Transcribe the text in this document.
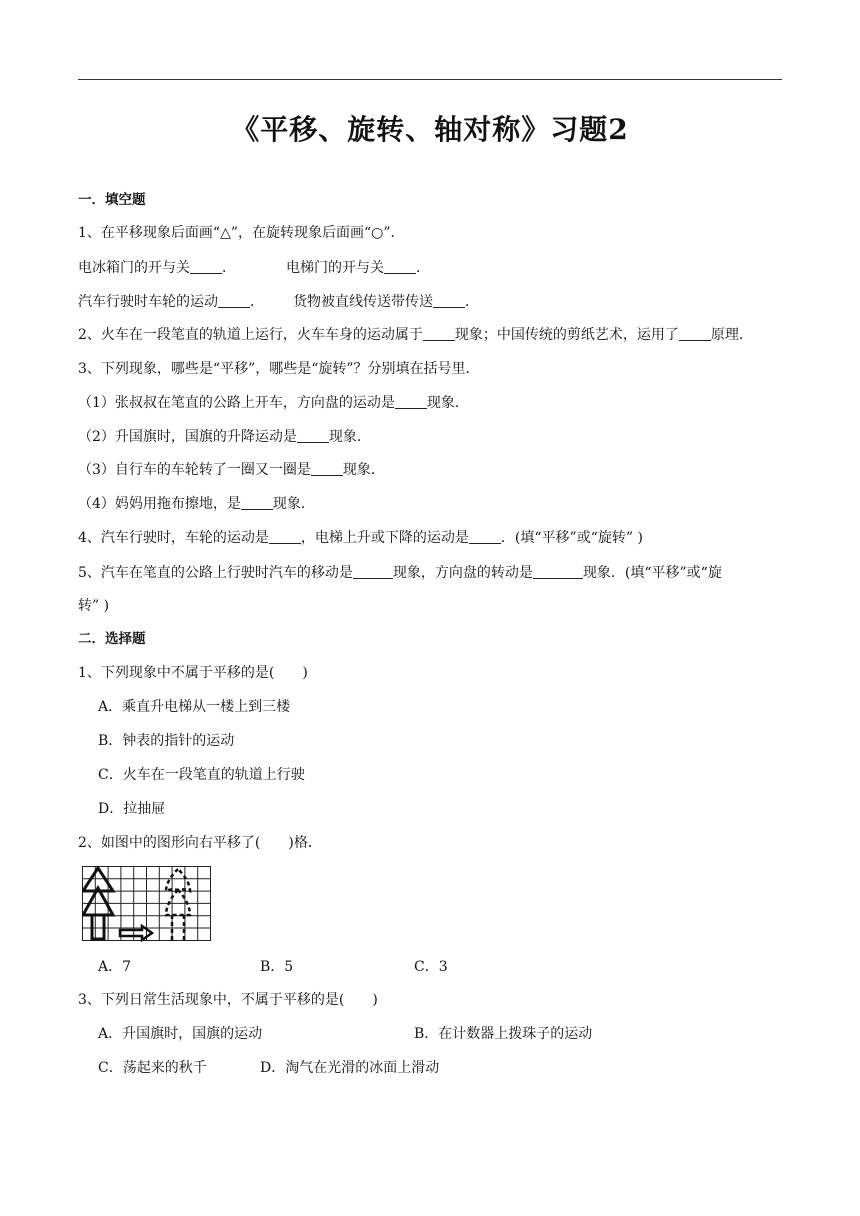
《平移、旋转、轴对称》习题2
一．填空题
1、在平移现象后面画“△”，在旋转现象后面画“○”．
电冰箱门的开与关 ．	电梯门的开与关 ．
汽车行驶时车轮的运动 ． 货物被直线传送带传送 ．
2、火车在一段笔直的轨道上运行，火车车身的运动属于 现象；中国传统的剪纸艺术，运用了 原理．
3、下列现象，哪些是“平移”，哪些是“旋转”？分别填在括号里．
（1）张叔叔在笔直的公路上开车，方向盘的运动是 现象．
（2）升国旗时，国旗的升降运动是 现象．
（3）自行车的车轮转了一圈又一圈是 现象．
（4）妈妈用拖布擦地，是 现象．
4、汽车行驶时，车轮的运动是 ，电梯上升或下降的运动是 ．(填“平移”或“旋转” )
5、汽车在笔直的公路上行驶时汽车的移动是	现象，方向盘的转动是	现象．(填“平移”或“旋
转” )
二．选择题
1、下列现象中不属于平移的是(　　)
A．乘直升电梯从一楼上到三楼
B．钟表的指针的运动
C．火车在一段笔直的轨道上行驶
D．拉抽屉
2、如图中的图形向右平移了(　　)格．
A．7	B．5	C．3
3、下列日常生活现象中，不属于平移的是(　　)
A．升国旗时，国旗的运动	B．在计数器上拨珠子的运动
C．荡起来的秋千	D．淘气在光滑的冰面上滑动
